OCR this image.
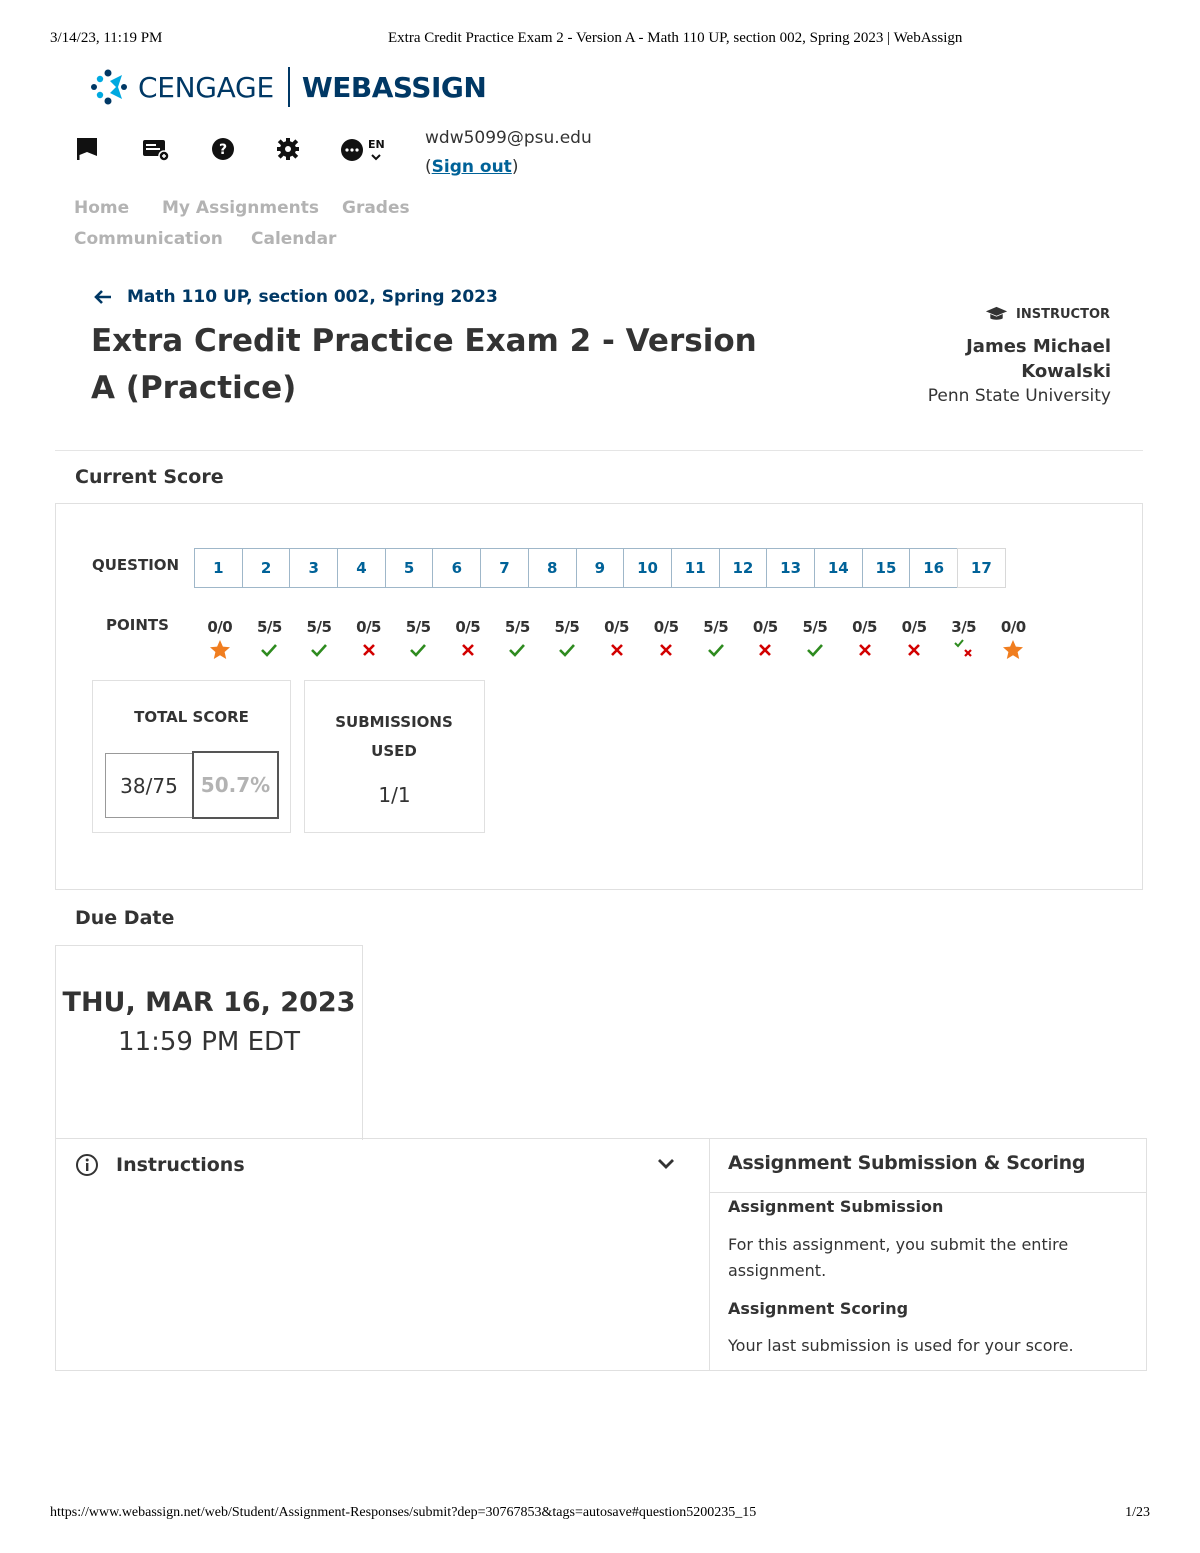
3/14/23, 11:19 PM	Extra Credit Practice Exam 2 - Version A - Math 110 UP, section 002, Spring 2023 | WebAssign
CENGAGE WEBASSIGN
?	EN wdw5099@psu.edu
(Sign out)
Home My Assignments Grades
Communication Calendar
Math 110 UP, section 002, Spring 2023
Extra Credit Practice Exam 2 - Version A (Practice)
INSTRUCTOR
James Michael Kowalski
Penn State University
Current Score
QUESTION
POINTS
1	2	3	4	5	6	7	8	9	10	11	12	13	14	15	16	17
0/0	5/5	5/5	0/5	5/5	0/5	5/5	5/5	0/5	0/5	5/5	0/5	5/5	0/5	0/5	3/5	0/0
TOTAL SCORE
38/75	50.7%
SUBMISSIONS USED
1/1
Due Date
THU, MAR 16, 2023
11:59 PM EDT
Instructions	Assignment Submission & Scoring
Assignment Submission
For this assignment, you submit the entire assignment.
Assignment Scoring
Your last submission is used for your score.
https://www.webassign.net/web/Student/Assignment-Responses/submit?dep=30767853&tags=autosave#question5200235_15	1/23
